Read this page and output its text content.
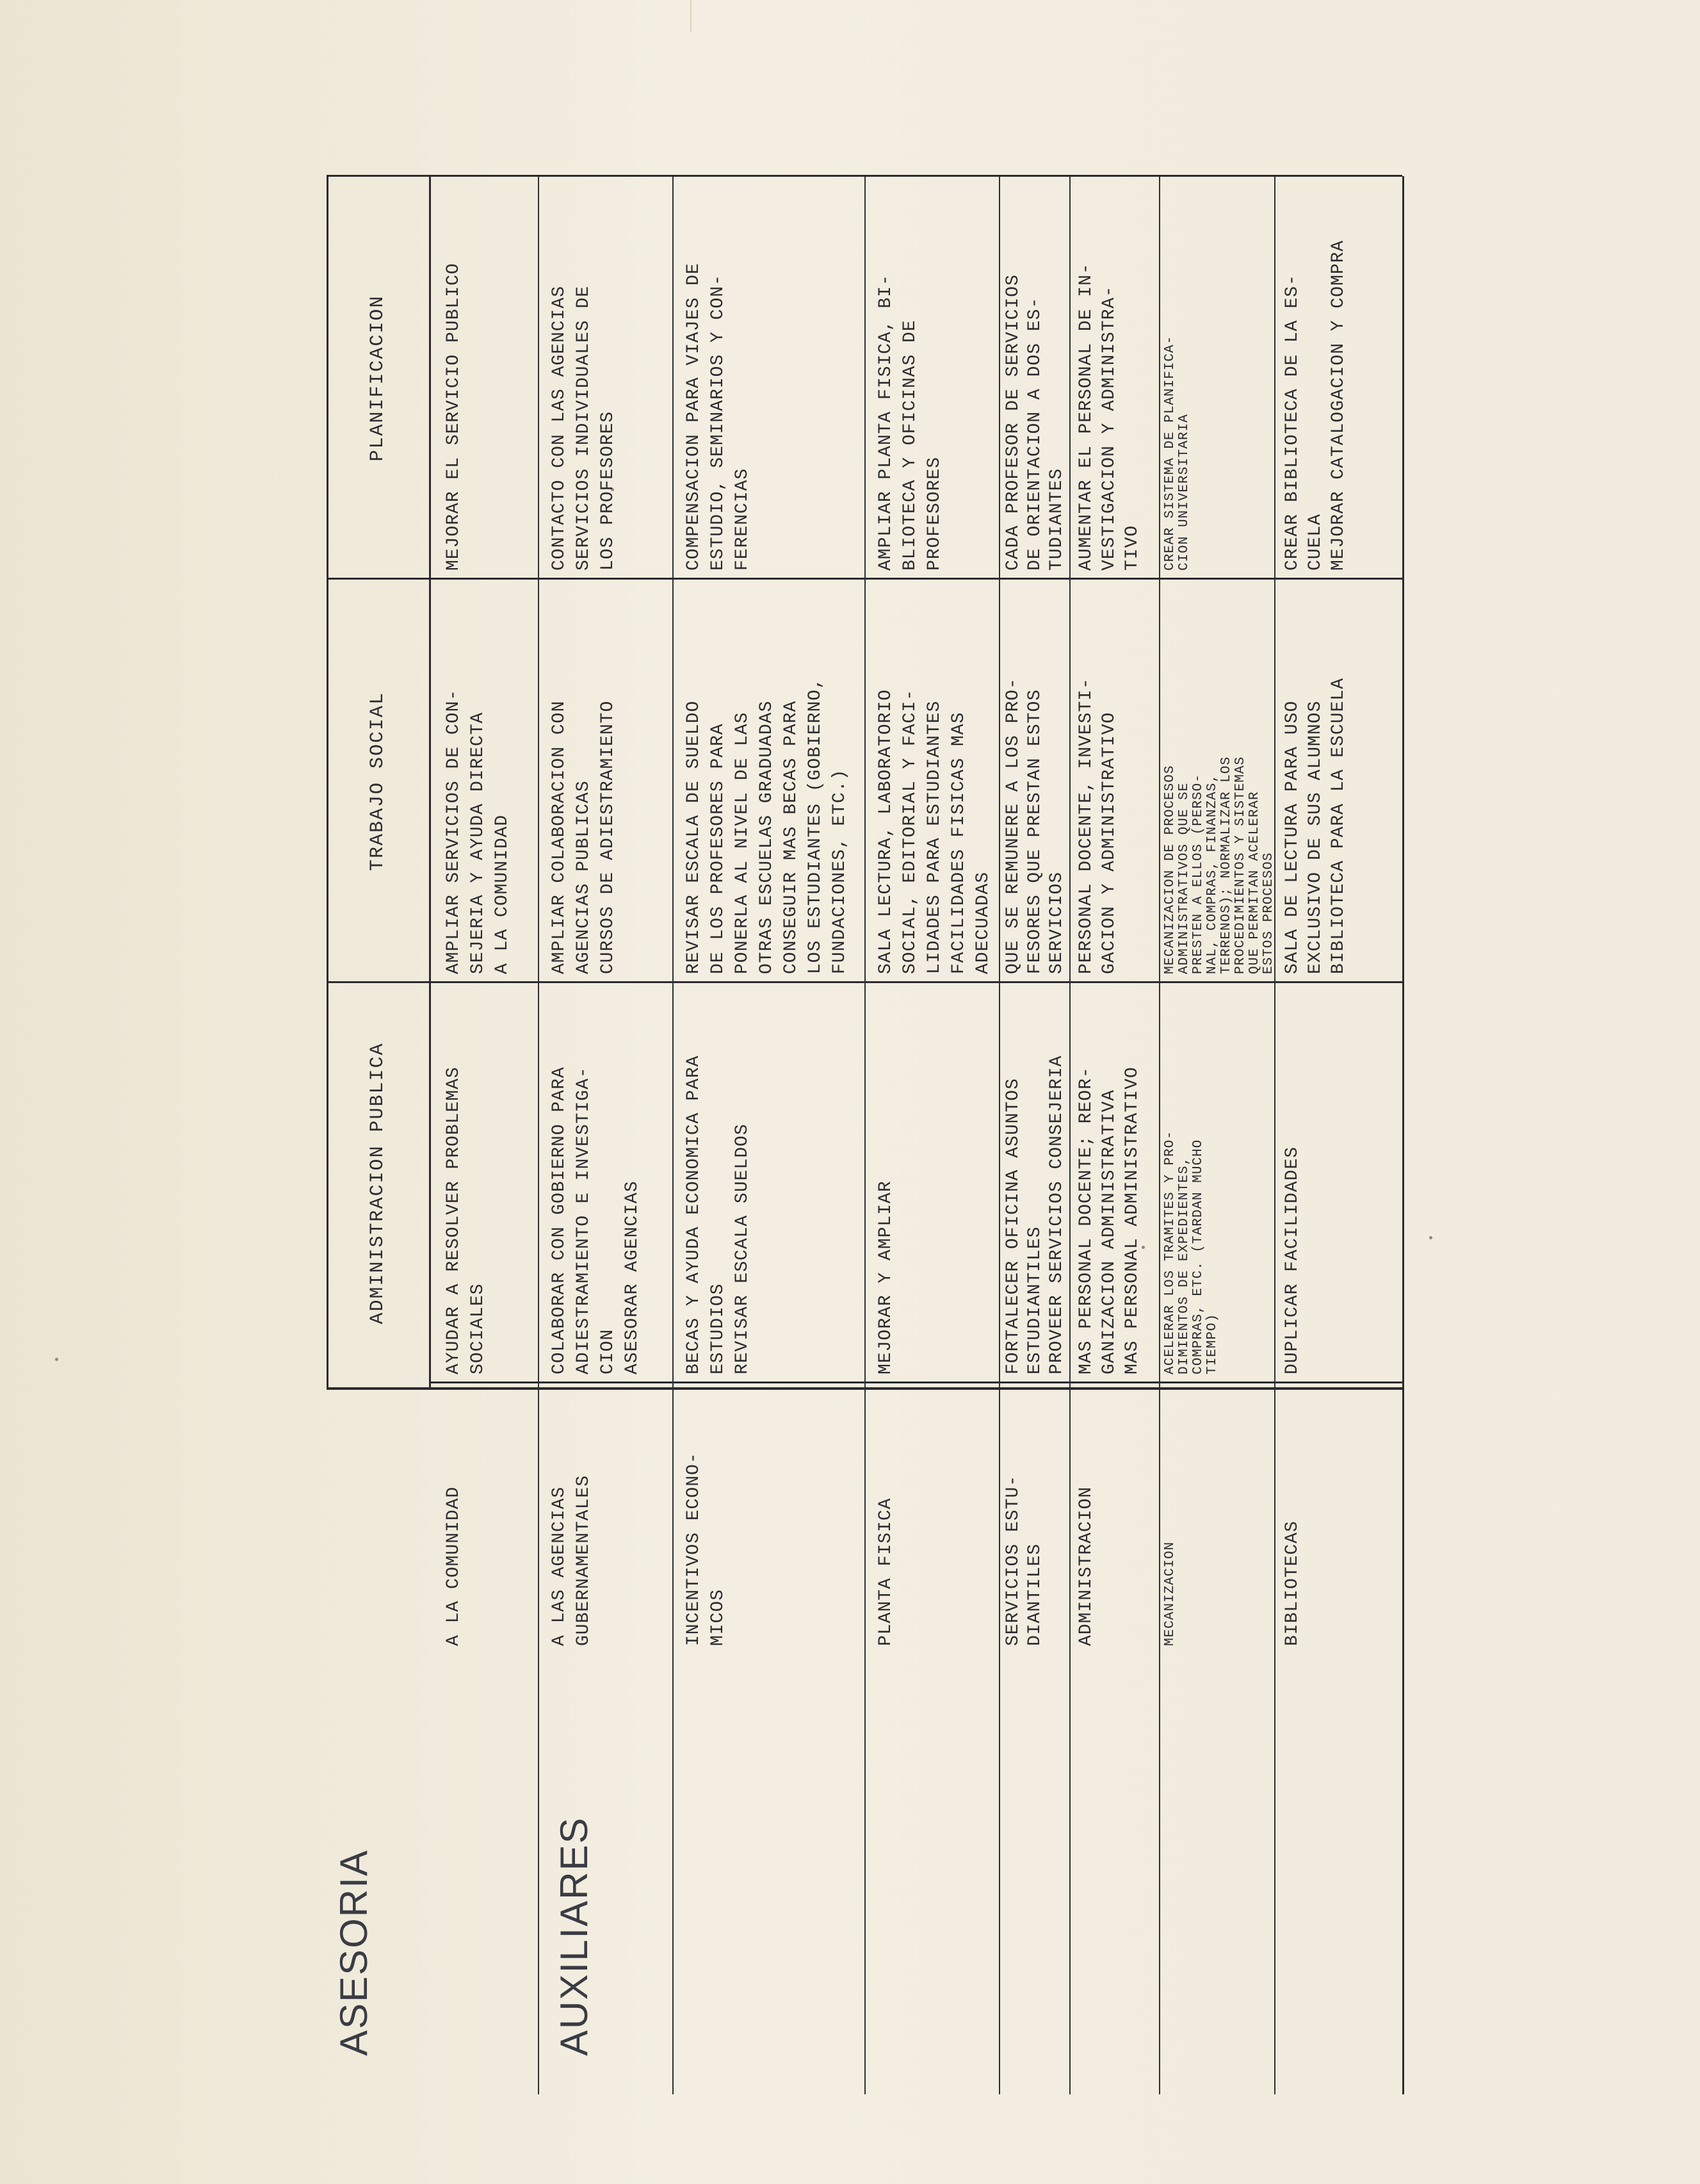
ASESORIA	AUXILIARES
ADMINISTRACION PUBLICA
TRABAJO SOCIAL
PLANIFICACION
A LA COMUNIDAD
AYUDAR A RESOLVER PROBLEMAS
SOCIALES
AMPLIAR SERVICIOS DE CON-
SEJERIA Y AYUDA DIRECTA
A LA COMUNIDAD
MEJORAR EL SERVICIO PUBLICO
A LAS AGENCIAS
GUBERNAMENTALES
COLABORAR CON GOBIERNO PARA
ADIESTRAMIENTO E INVESTIGA-
CION
ASESORAR AGENCIAS
AMPLIAR COLABORACION CON
AGENCIAS PUBLICAS
CURSOS DE ADIESTRAMIENTO
CONTACTO CON LAS AGENCIAS
SERVICIOS INDIVIDUALES DE
LOS PROFESORES
INCENTIVOS ECONO-
MICOS
BECAS Y AYUDA ECONOMICA PARA
ESTUDIOS
REVISAR ESCALA SUELDOS
REVISAR ESCALA DE SUELDO
DE LOS PROFESORES PARA
PONERLA AL NIVEL DE LAS
OTRAS ESCUELAS GRADUADAS
CONSEGUIR MAS BECAS PARA
LOS ESTUDIANTES (GOBIERNO,
FUNDACIONES, ETC.)
COMPENSACION PARA VIAJES DE
ESTUDIO, SEMINARIOS Y CON-
FERENCIAS
PLANTA FISICA
MEJORAR Y AMPLIAR
SALA LECTURA, LABORATORIO
SOCIAL, EDITORIAL Y FACI-
LIDADES PARA ESTUDIANTES
FACILIDADES FISICAS MAS
ADECUADAS
AMPLIAR PLANTA FISICA, BI-
BLIOTECA Y OFICINAS DE
PROFESORES
SERVICIOS ESTU-
DIANTILES
FORTALECER OFICINA ASUNTOS
ESTUDIANTILES
PROVEER SERVICIOS CONSEJERIA
QUE SE REMUNERE A LOS PRO-
FESORES QUE PRESTAN ESTOS
SERVICIOS
CADA PROFESOR DE SERVICIOS
DE ORIENTACION A DOS ES-
TUDIANTES
ADMINISTRACION
MAS PERSONAL DOCENTE; REOR-
GANIZACION ADMINISTRATIVA
MAS PERSONAL ADMINISTRATIVO
PERSONAL DOCENTE, INVESTI-
GACION Y ADMINISTRATIVO
AUMENTAR EL PERSONAL DE IN-
VESTIGACION Y ADMINISTRA-
TIVO
MECANIZACION
ACELERAR LOS TRAMITES Y PRO-
DIMIENTOS DE EXPEDIENTES,
COMPRAS, ETC. (TARDAN MUCHO
TIEMPO)
MECANIZACION DE PROCESOS
ADMINISTRATIVOS QUE SE
PRESTEN A ELLOS (PERSO-
NAL, COMPRAS, FINANZAS,
TERRENOS); NORMALIZAR LOS
PROCEDIMIENTOS Y SISTEMAS
QUE PERMITAN ACELERAR
ESTOS PROCESOS
CREAR SISTEMA DE PLANIFICA-
CION UNIVERSITARIA
BIBLIOTECAS
DUPLICAR FACILIDADES
SALA DE LECTURA PARA USO
EXCLUSIVO DE SUS ALUMNOS
BIBLIOTECA PARA LA ESCUELA
CREAR BIBLIOTECA DE LA ES-
CUELA
MEJORAR CATALOGACION Y COMPRA
